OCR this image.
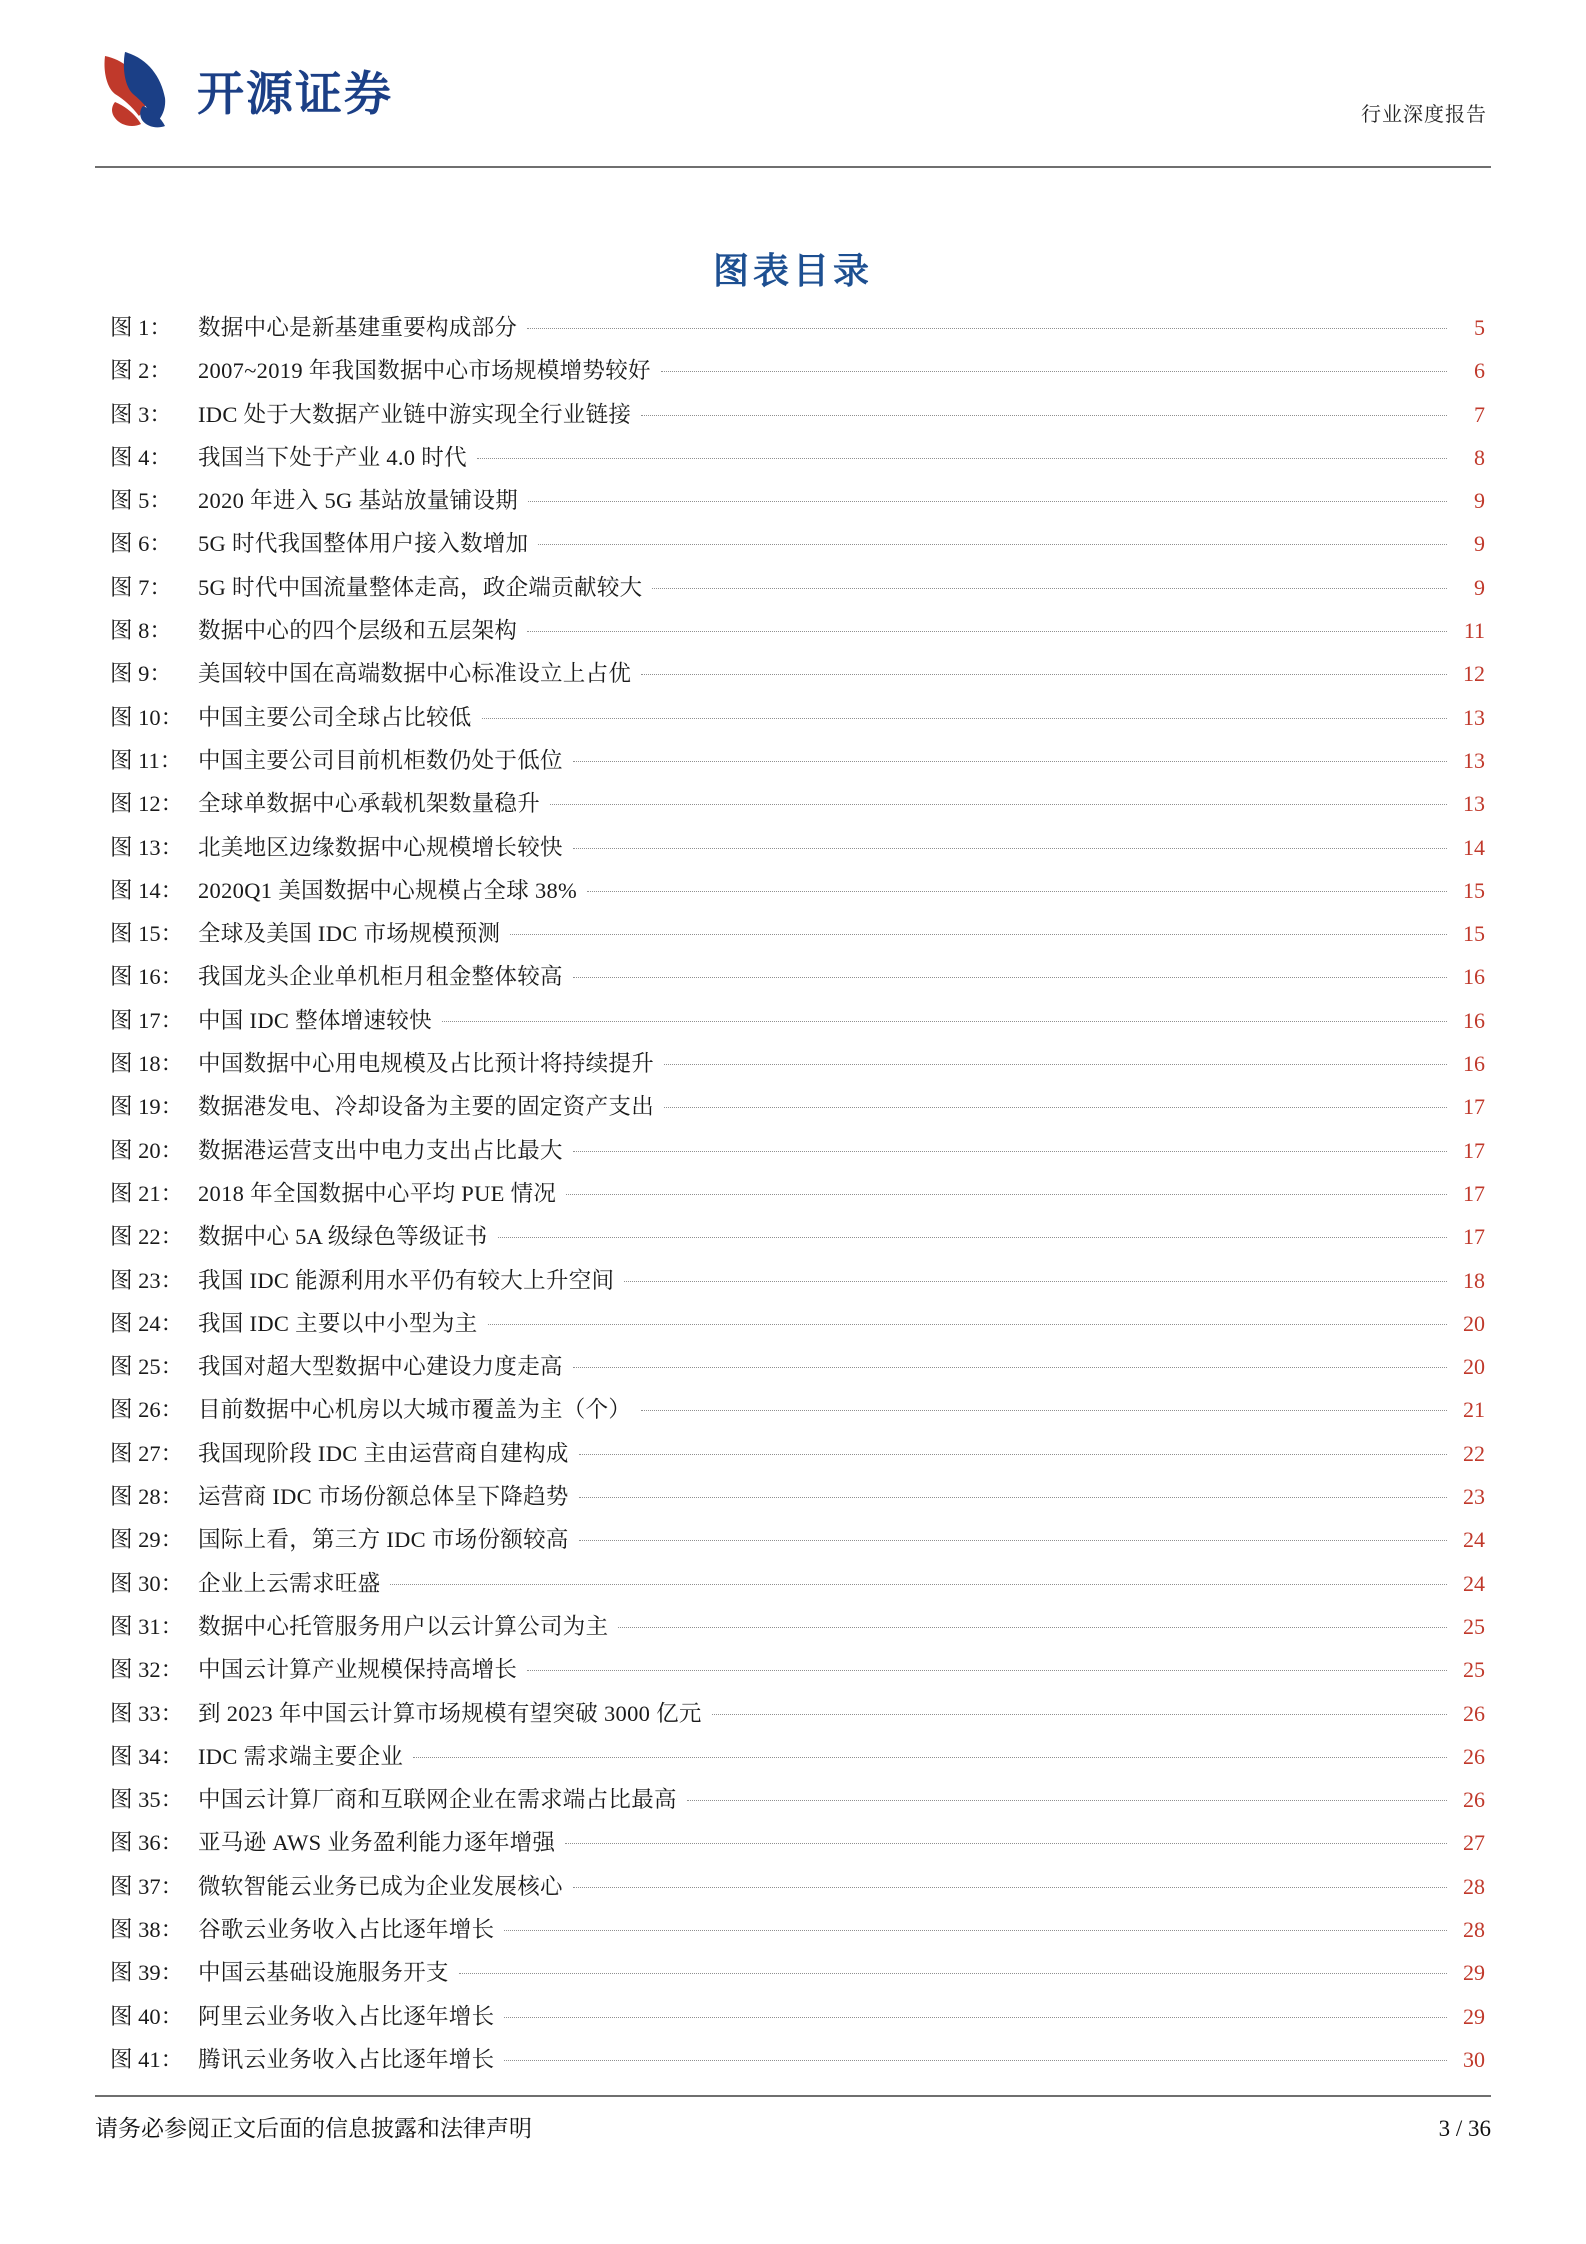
开源证券	行业深度报告
图表目录
图 1：	数据中心是新基建重要构成部分	5
图 2：	2007~2019 年我国数据中心市场规模增势较好	6
图 3：	IDC 处于大数据产业链中游实现全行业链接	7
图 4：	我国当下处于产业 4.0 时代	8
图 5：	2020 年进入 5G 基站放量铺设期	9
图 6：	5G 时代我国整体用户接入数增加	9
图 7：	5G 时代中国流量整体走高，政企端贡献较大	9
图 8：	数据中心的四个层级和五层架构	11
图 9：	美国较中国在高端数据中心标准设立上占优	12
图 10： 中国主要公司全球占比较低	13
图 11： 中国主要公司目前机柜数仍处于低位	13
图 12： 全球单数据中心承载机架数量稳升	13
图 13： 北美地区边缘数据中心规模增长较快	14
图 14： 2020Q1 美国数据中心规模占全球 38%	15
图 15： 全球及美国 IDC 市场规模预测	15
图 16： 我国龙头企业单机柜月租金整体较高	16
图 17： 中国 IDC 整体增速较快	16
图 18： 中国数据中心用电规模及占比预计将持续提升	16
图 19： 数据港发电、冷却设备为主要的固定资产支出	17
图 20： 数据港运营支出中电力支出占比最大	17
图 21： 2018 年全国数据中心平均 PUE 情况	17
图 22： 数据中心 5A 级绿色等级证书	17
图 23： 我国 IDC 能源利用水平仍有较大上升空间	18
图 24： 我国 IDC 主要以中小型为主	20
图 25： 我国对超大型数据中心建设力度走高	20
图 26： 目前数据中心机房以大城市覆盖为主（个）	21
图 27： 我国现阶段 IDC 主由运营商自建构成	22
图 28： 运营商 IDC 市场份额总体呈下降趋势	23
图 29： 国际上看，第三方 IDC 市场份额较高	24
图 30： 企业上云需求旺盛	24
图 31： 数据中心托管服务用户以云计算公司为主	25
图 32： 中国云计算产业规模保持高增长	25
图 33： 到 2023 年中国云计算市场规模有望突破 3000 亿元	26
图 34： IDC 需求端主要企业	26
图 35： 中国云计算厂商和互联网企业在需求端占比最高	26
图 36： 亚马逊 AWS 业务盈利能力逐年增强	27
图 37： 微软智能云业务已成为企业发展核心	28
图 38： 谷歌云业务收入占比逐年增长	28
图 39： 中国云基础设施服务开支	29
图 40： 阿里云业务收入占比逐年增长	29
图 41： 腾讯云业务收入占比逐年增长	30
请务必参阅正文后面的信息披露和法律声明	3 / 36
